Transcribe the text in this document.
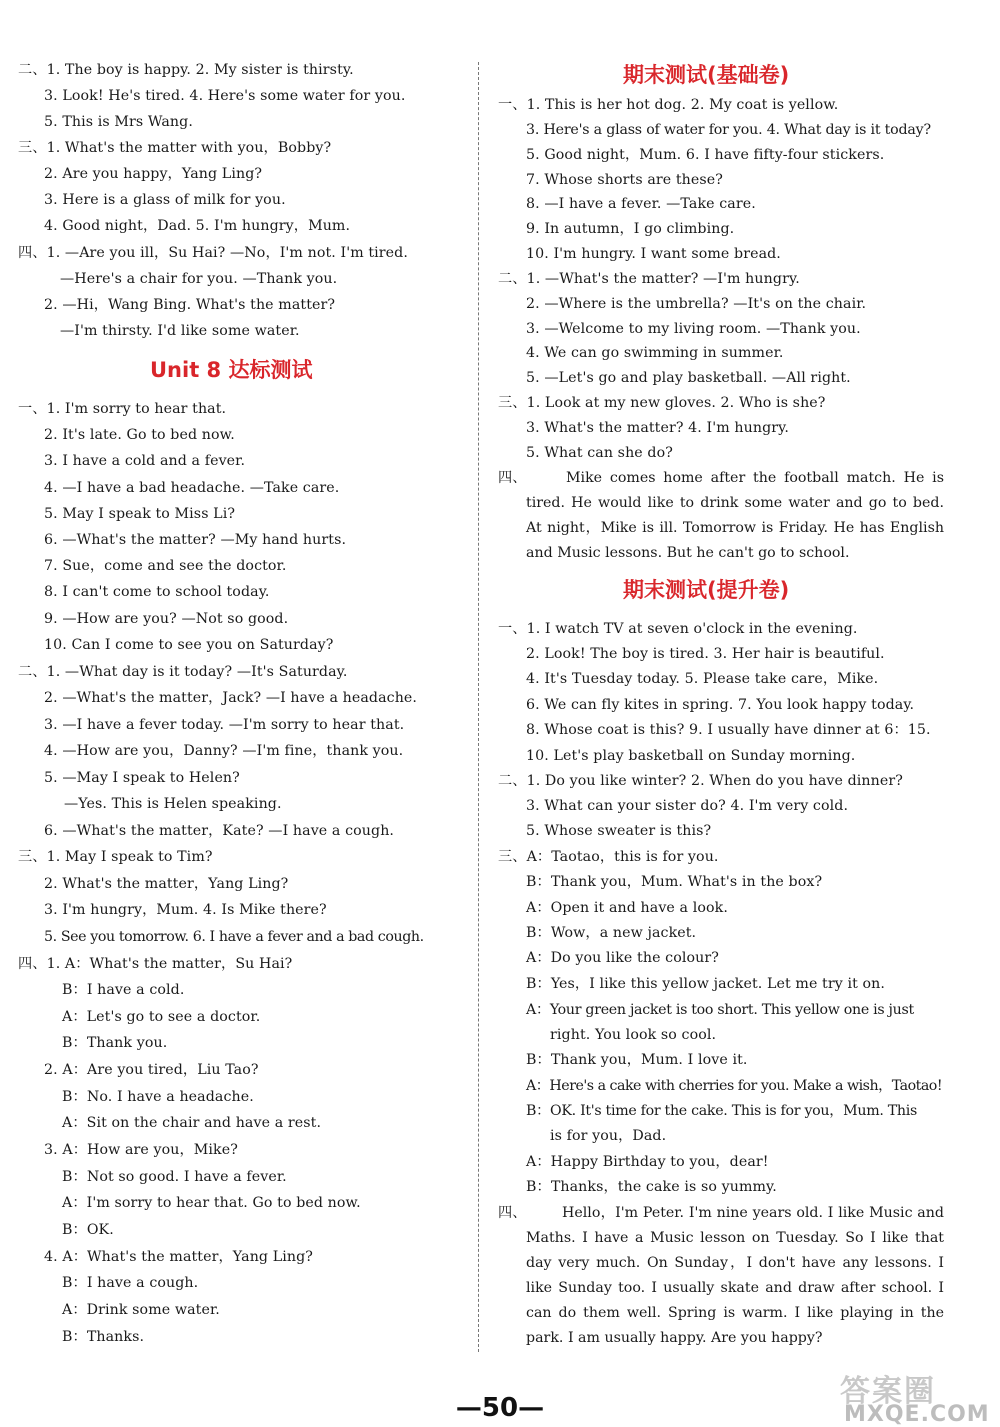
二、1. The boy is happy. 2. My sister is thirsty.
3. Look! He's tired. 4. Here's some water for you.
5. This is Mrs Wang.
三、1. What's the matter with you，Bobby?
2. Are you happy，Yang Ling?
3. Here is a glass of milk for you.
4. Good night，Dad. 5. I'm hungry，Mum.
四、1. —Are you ill，Su Hai? —No，I'm not. I'm tired.
—Here's a chair for you. —Thank you.
2. —Hi，Wang Bing. What's the matter?
—I'm thirsty. I'd like some water.
Unit 8 达标测试
一、1. I'm sorry to hear that.
2. It's late. Go to bed now.
3. I have a cold and a fever.
4. —I have a bad headache. —Take care.
5. May I speak to Miss Li?
6. —What's the matter? —My hand hurts.
7. Sue，come and see the doctor.
8. I can't come to school today.
9. —How are you? —Not so good.
10. Can I come to see you on Saturday?
二、1. —What day is it today? —It's Saturday.
2. —What's the matter，Jack? —I have a headache.
3. —I have a fever today. —I'm sorry to hear that.
4. —How are you，Danny? —I'm fine，thank you.
5. —May I speak to Helen?
—Yes. This is Helen speaking.
6. —What's the matter，Kate? —I have a cough.
三、1. May I speak to Tim?
2. What's the matter，Yang Ling?
3. I'm hungry，Mum. 4. Is Mike there?
5. See you tomorrow. 6. I have a fever and a bad cough.
四、1. A：What's the matter，Su Hai?
B：I have a cold.
A：Let's go to see a doctor.
B：Thank you.
2. A：Are you tired，Liu Tao?
B：No. I have a headache.
A：Sit on the chair and have a rest.
3. A：How are you，Mike?
B：Not so good. I have a fever.
A：I'm sorry to hear that. Go to bed now.
B：OK.
4. A：What's the matter，Yang Ling?
B：I have a cough.
A：Drink some water.
B：Thanks.
期末测试(基础卷)
一、1. This is her hot dog. 2. My coat is yellow.
3. Here's a glass of water for you. 4. What day is it today?
5. Good night，Mum. 6. I have fifty-four stickers.
7. Whose shorts are these?
8. —I have a fever. —Take care.
9. In autumn，I go climbing.
10. I'm hungry. I want some bread.
二、1. —What's the matter? —I'm hungry.
2. —Where is the umbrella? —It's on the chair.
3. —Welcome to my living room. —Thank you.
4. We can go swimming in summer.
5. —Let's go and play basketball. —All right.
三、1. Look at my new gloves. 2. Who is she?
3. What's the matter? 4. I'm hungry.
5. What can she do?
四、	Mike comes home after the football match. He is tired. He would like to drink some water and go to bed. At night，Mike is ill. Tomorrow is Friday. He has English and Music lessons. But he can't go to school.
期末测试(提升卷)
一、1. I watch TV at seven o'clock in the evening.
2. Look! The boy is tired. 3. Her hair is beautiful.
4. It's Tuesday today. 5. Please take care，Mike.
6. We can fly kites in spring. 7. You look happy today.
8. Whose coat is this? 9. I usually have dinner at 6：15.
10. Let's play basketball on Sunday morning.
二、1. Do you like winter? 2. When do you have dinner?
3. What can your sister do? 4. I'm very cold.
5. Whose sweater is this?
三、A：Taotao，this is for you.
B：Thank you，Mum. What's in the box?
A：Open it and have a look.
B：Wow，a new jacket.
A：Do you like the colour?
B：Yes，I like this yellow jacket. Let me try it on.
A：Your green jacket is too short. This yellow one is just
right. You look so cool.
B：Thank you，Mum. I love it.
A：Here's a cake with cherries for you. Make a wish，Taotao!
B：OK. It's time for the cake. This is for you，Mum. This
is for you，Dad.
A：Happy Birthday to you，dear!
B：Thanks，the cake is so yummy.
四、	Hello，I'm Peter. I'm nine years old. I like Music and Maths. I have a Music lesson on Tuesday. So I like that day very much. On Sunday，I don't have any lessons. I like Sunday too. I usually skate and draw after school. I can do them well. Spring is warm. I like playing in the park. I am usually happy. Are you happy?
—50—	答案圈
MXQE.COM
